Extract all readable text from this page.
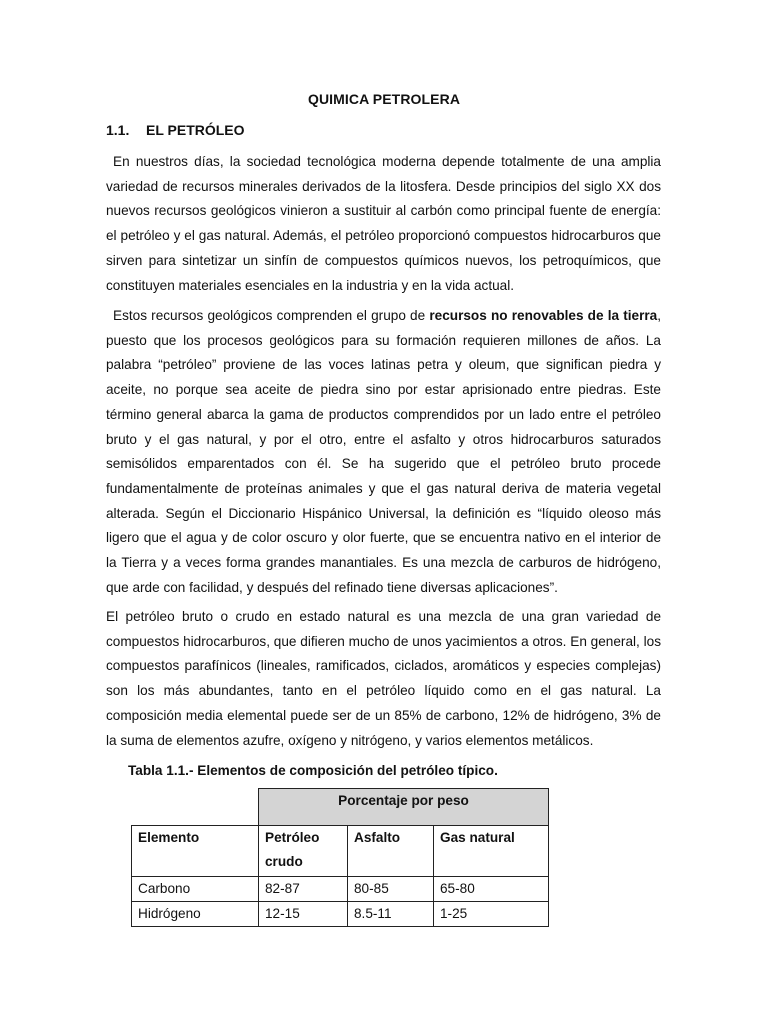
QUIMICA PETROLERA
1.1. EL PETRÓLEO

En nuestros días, la sociedad tecnológica moderna depende totalmente de una amplia variedad de recursos minerales derivados de la litosfera. Desde principios del siglo XX dos nuevos recursos geológicos vinieron a sustituir al carbón como principal fuente de energía: el petróleo y el gas natural. Además, el petróleo proporcionó compuestos hidrocarburos que sirven para sintetizar un sinfín de compuestos químicos nuevos, los petroquímicos, que constituyen materiales esenciales en la industria y en la vida actual.

Estos recursos geológicos comprenden el grupo de recursos no renovables de la tierra, puesto que los procesos geológicos para su formación requieren millones de años. La palabra “petróleo” proviene de las voces latinas petra y oleum, que significan piedra y aceite, no porque sea aceite de piedra sino por estar aprisionado entre piedras. Este término general abarca la gama de productos comprendidos por un lado entre el petróleo bruto y el gas natural, y por el otro, entre el asfalto y otros hidrocarburos saturados semisólidos emparentados con él. Se ha sugerido que el petróleo bruto procede fundamentalmente de proteínas animales y que el gas natural deriva de materia vegetal alterada. Según el Diccionario Hispánico Universal, la definición es “líquido oleoso más ligero que el agua y de color oscuro y olor fuerte, que se encuentra nativo en el interior de la Tierra y a veces forma grandes manantiales. Es una mezcla de carburos de hidrógeno, que arde con facilidad, y después del refinado tiene diversas aplicaciones”.

El petróleo bruto o crudo en estado natural es una mezcla de una gran variedad de compuestos hidrocarburos, que difieren mucho de unos yacimientos a otros. En general, los compuestos parafínicos (lineales, ramificados, ciclados, aromáticos y especies complejas) son los más abundantes, tanto en el petróleo líquido como en el gas natural. La composición media elemental puede ser de un 85% de carbono, 12% de hidrógeno, 3% de la suma de elementos azufre, oxígeno y nitrógeno, y varios elementos metálicos.

Tabla 1.1.- Elementos de composición del petróleo típico.
	Porcentaje por peso		
Elemento	Petróleo crudo	Asfalto	Gas natural
Carbono	82-87	80-85	65-80
Hidrógeno	12-15	8.5-11	1-25
